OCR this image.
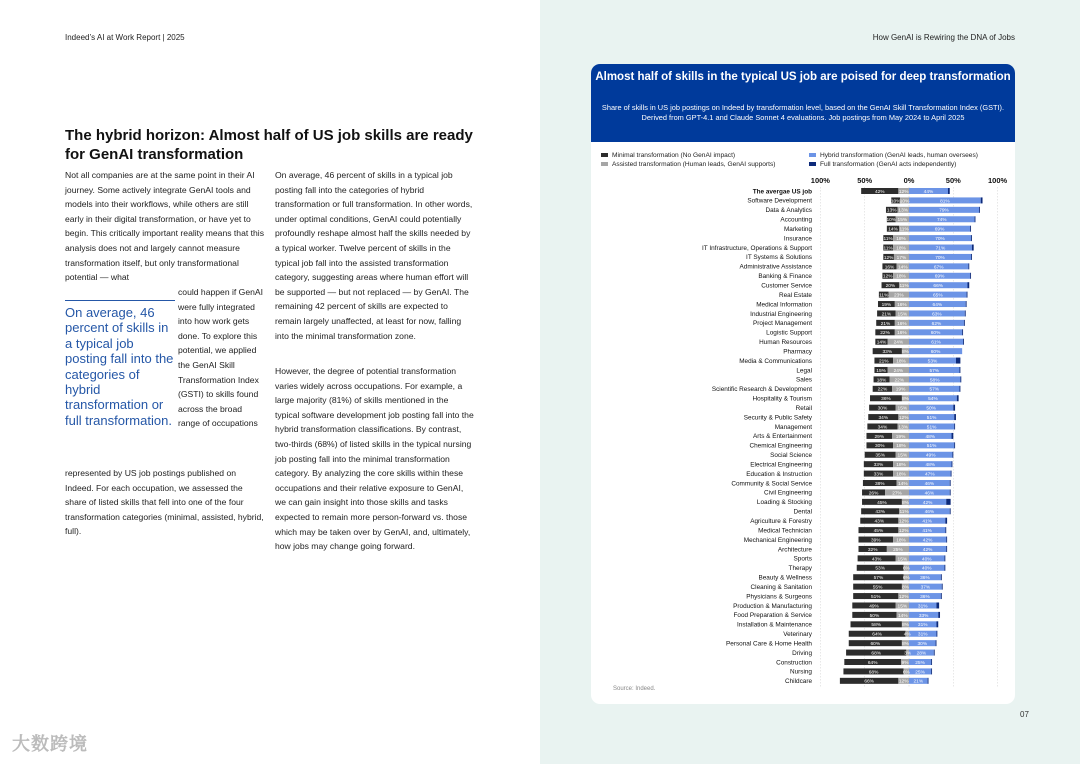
Indeed’s AI at Work Report | 2025
The hybrid horizon: Almost half of US job skills are ready for GenAI transformation

Not all companies are at the same point in their AI journey. Some actively integrate GenAI tools and models into their workflows, while others are still early in their digital transformation, or have yet to begin. This critically important reality means that this analysis does not and largely cannot measure transformation itself, but only transformational potential — what

On average, 46 percent of skills in a typical job posting fall into the categories of hybrid transformation or full transformation.

could happen if GenAI were fully integrated into how work gets done. To explore this potential, we applied the GenAI Skill Transformation Index (GSTI) to skills found across the broad range of occupations

represented by US job postings published on Indeed. For each occupation, we assessed the share of listed skills that fell into one of the four transformation categories (minimal, assisted, hybrid, full).

On average, 46 percent of skills in a typical job posting fall into the categories of hybrid transformation or full transformation. In other words, under optimal conditions, GenAI could potentially profoundly reshape almost half the skills needed by a typical worker. Twelve percent of skills in the typical job fall into the assisted transformation category, suggesting areas where human effort will be supported — but not replaced — by GenAI. The remaining 42 percent of skills are expected to remain largely unaffected, at least for now, falling into the minimal transformation zone.

However, the degree of potential transformation varies widely across occupations. For example, a large majority (81%) of skills mentioned in the typical software development job posting fall into the hybrid transformation classifications. By contrast, two-thirds (68%) of listed skills in the typical nursing job posting fall into the minimal transformation category. By analyzing the core skills within these occupations and their relative exposure to GenAI, we can gain insight into those skills and tasks expected to remain more person-forward vs. those which may be taken over by GenAI, and, ultimately, how jobs may change going forward.

大数跨境
How GenAI is Rewiring the DNA of Jobs

Almost half of skills in the typical US job are poised for deep transformation

Share of skills in US job postings on Indeed by transformation level, based on the GenAI Skill Transformation Index (GSTI). Derived from GPT-4.1 and Claude Sonnet 4 evaluations. Job postings from May 2024 to April 2025

Minimal transformation (No GenAI impact)
Assisted transformation (Human leads, GenAI supports)
Hybrid transformation (GenAI leads, human oversees)
Full transformation (GenAI acts independently)
100%	50%	0%	50%	100%
The avergae US job	42%	12%	44%
Software Development	10% 10%	81%
Data & Analytics	13% 13%	79%
Accounting	10% 15%	74%
Marketing	14% 11%	69%
Insurance	11% 18%	70%
IT Infrastructure, Operations & Support	11% 18%	71%
IT Systems & Solutions	12% 17%	70%
Administrative Assistance	16% 14%	67%
Banking & Finance	12% 18%	69%
Customer Service	20% 11%	66%
Real Estate	11% 23%	65%
Medical Information	19% 16%	64%
Industrial Engineering	21% 15%	63%
Project Management	21% 16%	62%
Logistic Support	22% 16%	60%
Human Resources	14% 24%	61%
Pharmacy	33% 8%	60%
Media & Communications	21% 18%	53%
Legal	15% 24%	57%
Sales	18% 22%	58%
Scientific Research & Development	22% 19%	57%
Hospitality & Tourism	36% 8%	54%
Retail	30% 15%	50%
Security & Public Safety	34% 12%	51%
Management	34% 13%	51%
Arts & Entertainment	29% 19%	48%
Chemical Engineering	30% 18%	51%
Social Science	35%	15%	49%
Electrical Engineering	33%	18%	48%
Education & Instruction	33%	18%	47%
Community & Social Service	38%	14%	46%
Civil Engineering	26%	27%	46%
Loading & Stocking	45%	8%	42%
Dental	43%	11%	46%
Agriculture & Forestry	43%	12%	41%
Medical Technician	45%	12%	41%
Mechanical Engineering	39%	18%	42%
Architecture	32%	25%	42%
Sports	43%	15%	40%
Therapy	53%	6%	40%
Beauty & Wellness	57%	6% 36%
Cleaning & Sanitation	55%	8% 37%
Physicians & Surgeons	51%	12% 36%
Production & Manufacturing	49%	15% 31%
Food Preparation & Service	50%	14% 33%
Installation & Maintenance	58%	8% 31%
Veterinary	64%	4% 31%
Personal Care & Home Health	60%	8% 30%
Driving	68%	3% 28%
Construction	64%	9% 25%
Nursing	68%	6% 25%
Childcare	66%	12% 21%
Source: Indeed.
07
